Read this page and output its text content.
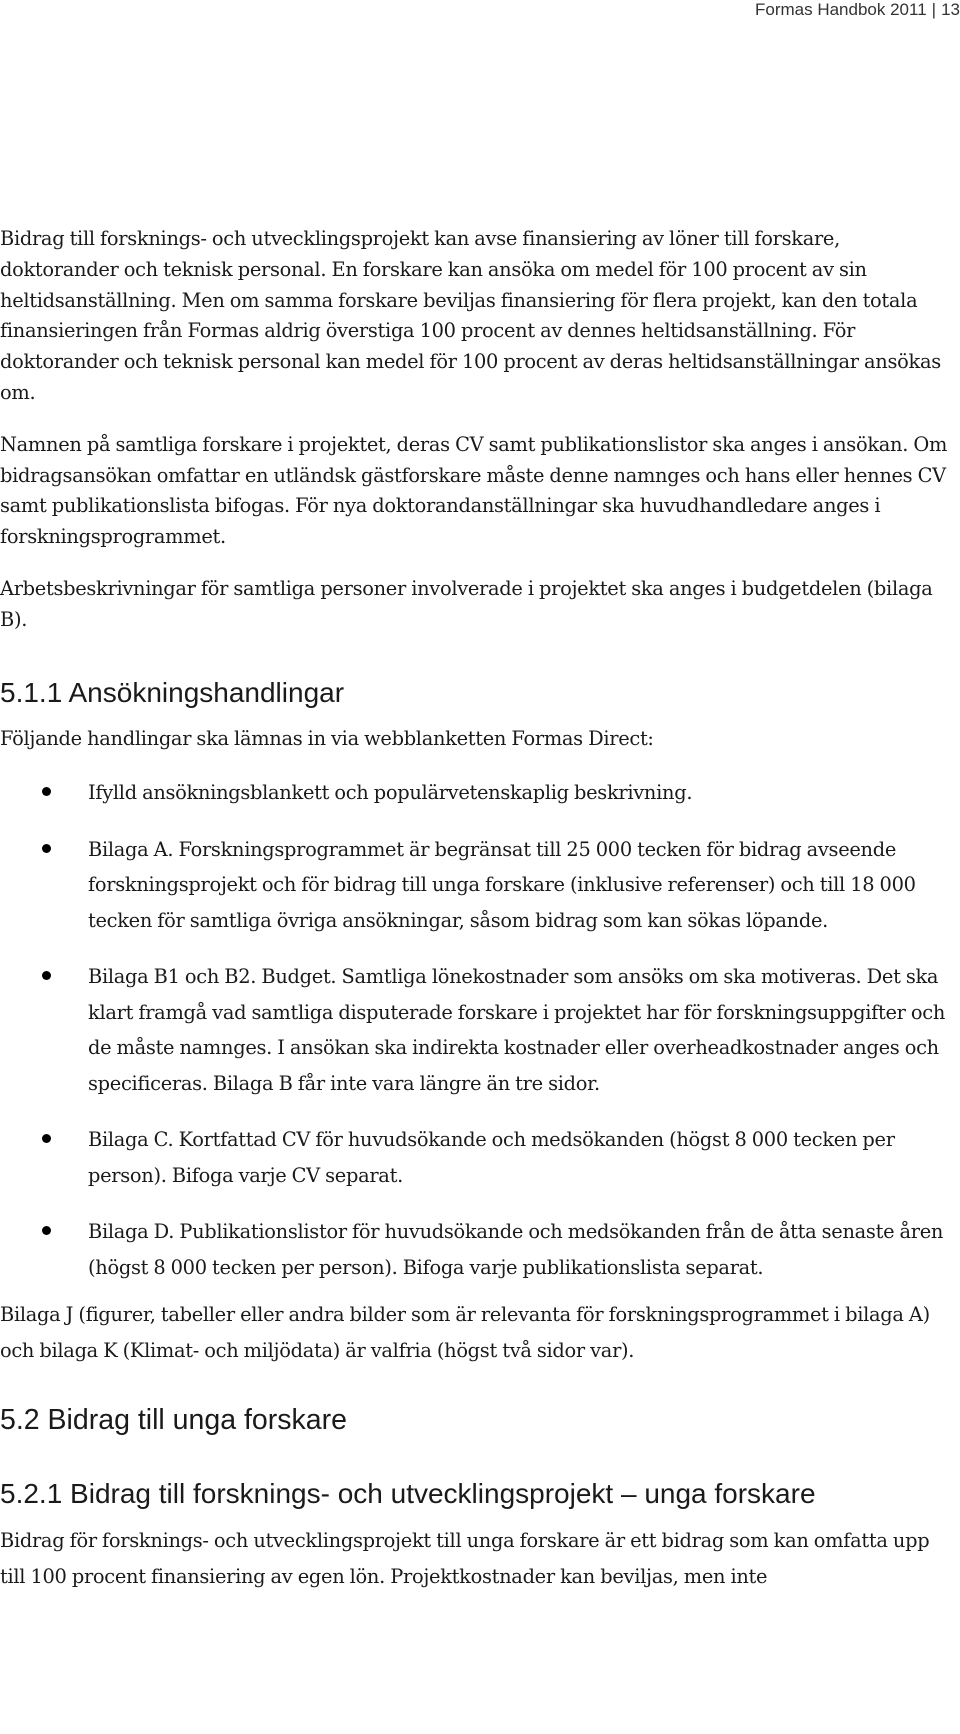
Formas Handbok 2011 | 13

Bidrag till forsknings- och utvecklingsprojekt kan avse finansiering av löner till forskare, doktorander och teknisk personal. En forskare kan ansöka om medel för 100 procent av sin heltidsanställning. Men om samma forskare beviljas finansiering för flera projekt, kan den totala finansieringen från Formas aldrig överstiga 100 procent av dennes heltidsanställning. För doktorander och teknisk personal kan medel för 100 procent av deras heltidsanställningar ansökas om.

Namnen på samtliga forskare i projektet, deras CV samt publikationslistor ska anges i ansökan. Om bidragsansökan omfattar en utländsk gästforskare måste denne namnges och hans eller hennes CV samt publikationslista bifogas. För nya doktorandanställningar ska huvudhandledare anges i forskningsprogrammet.

Arbetsbeskrivningar för samtliga personer involverade i projektet ska anges i budgetdelen (bilaga B).

5.1.1 Ansökningshandlingar

Följande handlingar ska lämnas in via webblanketten Formas Direct:

Ifylld ansökningsblankett och populärvetenskaplig beskrivning.

Bilaga A. Forskningsprogrammet är begränsat till 25 000 tecken för bidrag avseende forskningsprojekt och för bidrag till unga forskare (inklusive referenser) och till 18 000 tecken för samtliga övriga ansökningar, såsom bidrag som kan sökas löpande.

Bilaga B1 och B2. Budget. Samtliga lönekostnader som ansöks om ska motiveras. Det ska klart framgå vad samtliga disputerade forskare i projektet har för forskningsuppgifter och de måste namnges. I ansökan ska indirekta kostnader eller overheadkostnader anges och specificeras. Bilaga B får inte vara längre än tre sidor.

Bilaga C. Kortfattad CV för huvudsökande och medsökanden (högst 8 000 tecken per person). Bifoga varje CV separat.

Bilaga D. Publikationslistor för huvudsökande och medsökanden från de åtta senaste åren (högst 8 000 tecken per person). Bifoga varje publikationslista separat.

Bilaga J (figurer, tabeller eller andra bilder som är relevanta för forskningsprogrammet i bilaga A) och bilaga K (Klimat- och miljödata) är valfria (högst två sidor var).

5.2 Bidrag till unga forskare
5.2.1 Bidrag till forsknings- och utvecklingsprojekt – unga forskare

Bidrag för forsknings- och utvecklingsprojekt till unga forskare är ett bidrag som kan omfatta upp till 100 procent finansiering av egen lön. Projektkostnader kan beviljas, men inte
